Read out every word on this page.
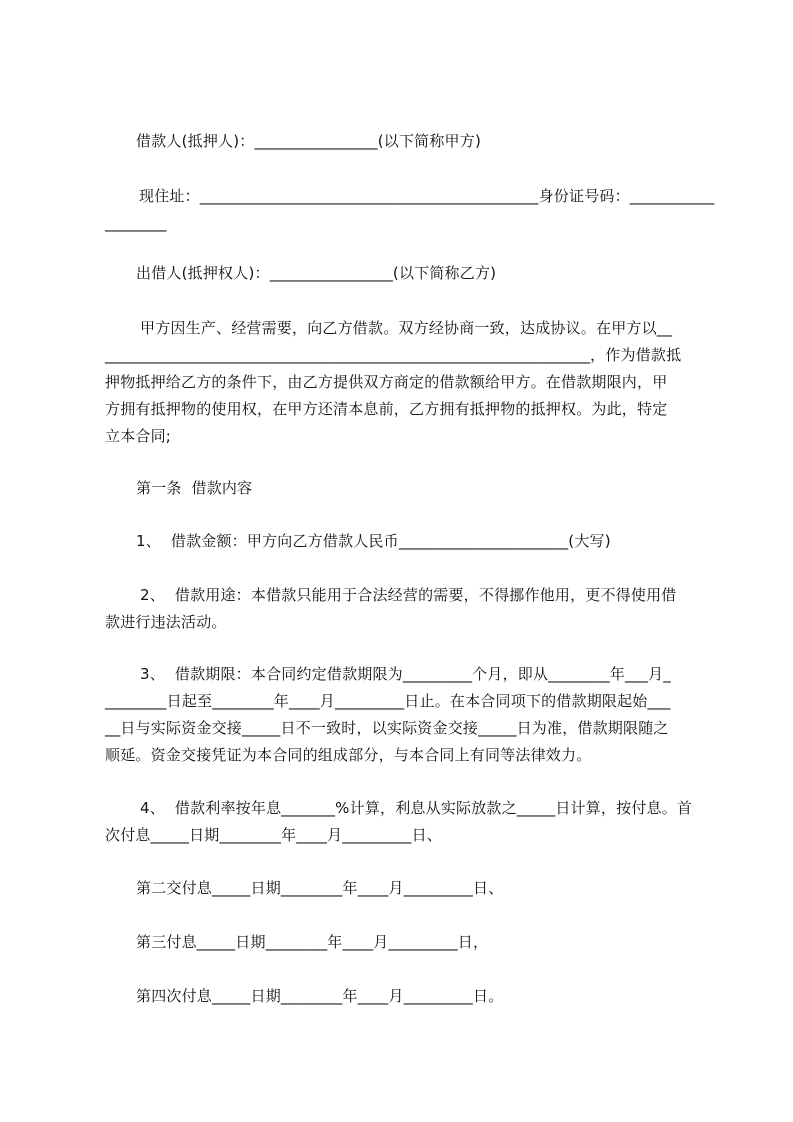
借款人(抵押人)：________________(以下简称甲方)

现住址：____________________________________________身份证号码：___________

________

出借人(抵押权人)：________________(以下简称乙方)

甲方因生产、经营需要，向乙方借款。双方经协商一致，达成协议。在甲方以__

_______________________________________________________________，作为借款抵

押物抵押给乙方的条件下，由乙方提供双方商定的借款额给甲方。在借款期限内，甲

方拥有抵押物的使用权，在甲方还清本息前，乙方拥有抵押物的抵押权。为此，特定

立本合同;

第一条  借款内容

1、  借款金额：甲方向乙方借款人民币______________________(大写)

2、  借款用途：本借款只能用于合法经营的需要，不得挪作他用，更不得使用借

款进行违法活动。

3、  借款期限：本合同约定借款期限为_________个月，即从________年___月_

________日起至________年____月_________日止。在本合同项下的借款期限起始___

__日与实际资金交接_____日不一致时，以实际资金交接_____日为准，借款期限随之

顺延。资金交接凭证为本合同的组成部分，与本合同上有同等法律效力。

4、  借款利率按年息_______%计算，利息从实际放款之_____日计算，按付息。首

次付息_____日期________年____月_________日、

第二交付息_____日期________年____月_________日、

第三付息_____日期________年____月_________日，

第四次付息_____日期________年____月_________日。
